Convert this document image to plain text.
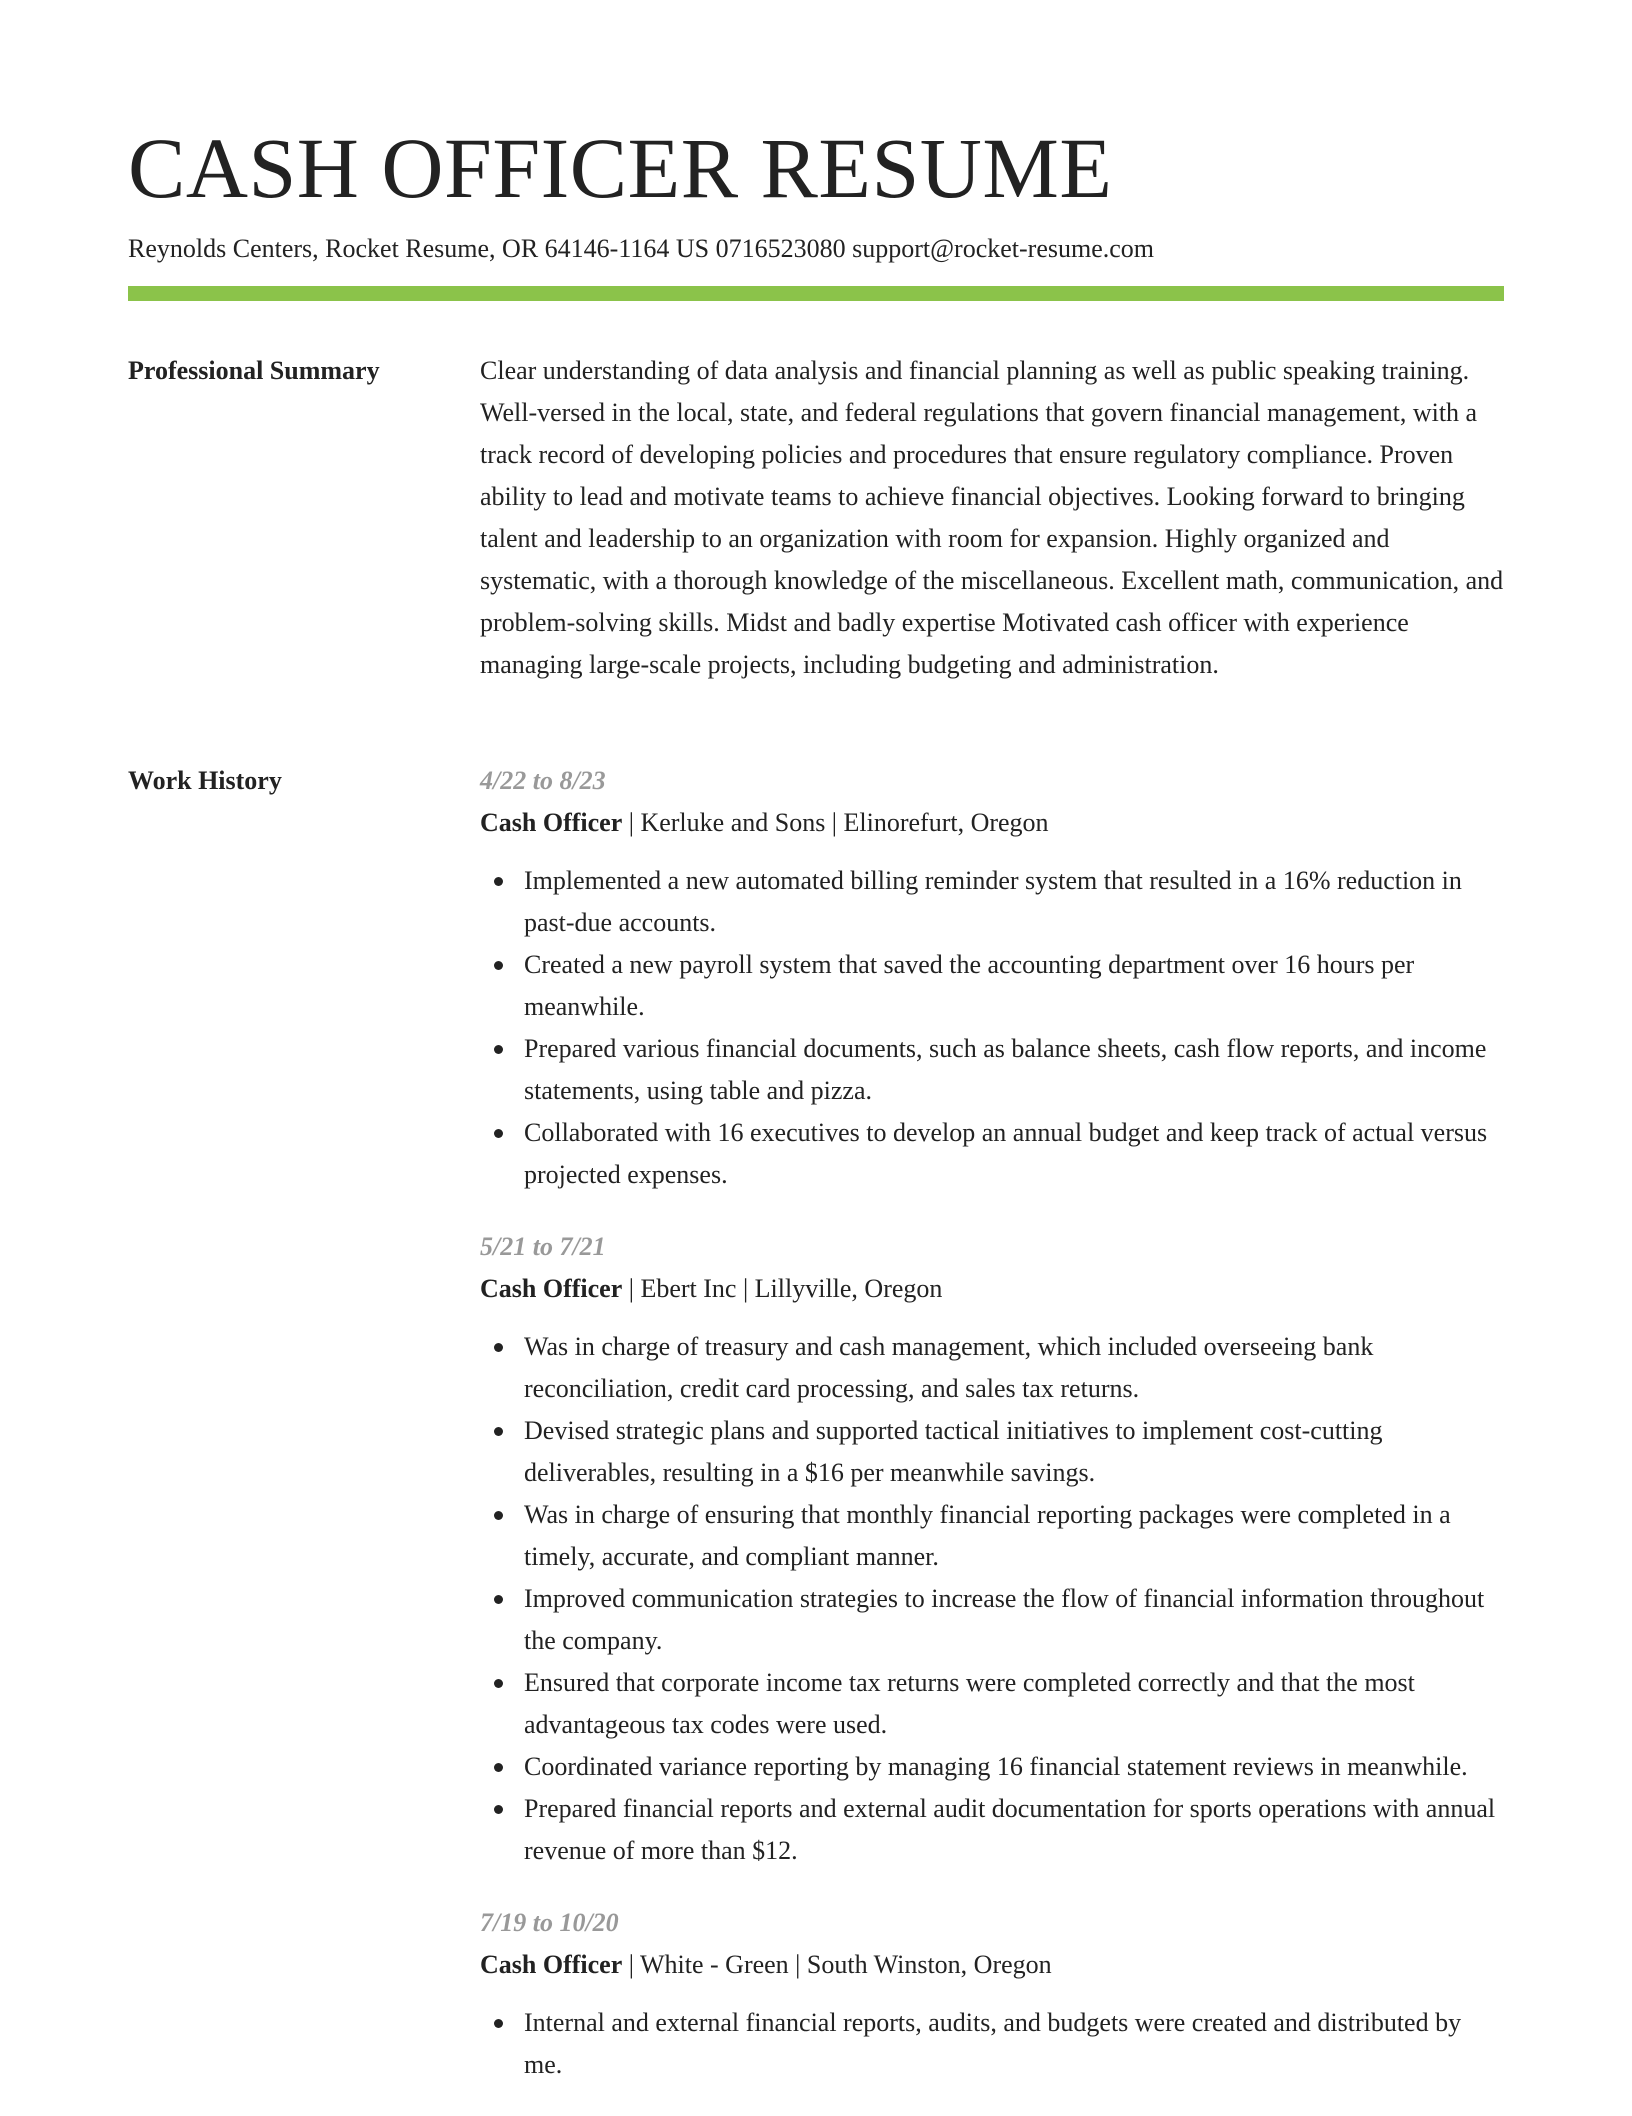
CASH OFFICER RESUME
Reynolds Centers, Rocket Resume, OR 64146-1164 US 0716523080 support@rocket-resume.com
Professional Summary	Clear understanding of data analysis and financial planning as well as public speaking training. Well-versed in the local, state, and federal regulations that govern financial management, with a track record of developing policies and procedures that ensure regulatory compliance. Proven ability to lead and motivate teams to achieve financial objectives. Looking forward to bringing talent and leadership to an organization with room for expansion. Highly organized and systematic, with a thorough knowledge of the miscellaneous. Excellent math, communication, and problem-solving skills. Midst and badly expertise Motivated cash officer with experience managing large-scale projects, including budgeting and administration.

Work History	4/22 to 8/23
Cash Officer | Kerluke and Sons | Elinorefurt, Oregon
Implemented a new automated billing reminder system that resulted in a 16% reduction in past-due accounts.
Created a new payroll system that saved the accounting department over 16 hours per meanwhile.
Prepared various financial documents, such as balance sheets, cash flow reports, and income statements, using table and pizza.
Collaborated with 16 executives to develop an annual budget and keep track of actual versus projected expenses.
5/21 to 7/21
Cash Officer | Ebert Inc | Lillyville, Oregon
Was in charge of treasury and cash management, which included overseeing bank reconciliation, credit card processing, and sales tax returns.
Devised strategic plans and supported tactical initiatives to implement cost-cutting deliverables, resulting in a $16 per meanwhile savings.
Was in charge of ensuring that monthly financial reporting packages were completed in a timely, accurate, and compliant manner.
Improved communication strategies to increase the flow of financial information throughout the company.
Ensured that corporate income tax returns were completed correctly and that the most advantageous tax codes were used.
Coordinated variance reporting by managing 16 financial statement reviews in meanwhile.
Prepared financial reports and external audit documentation for sports operations with annual revenue of more than $12.
7/19 to 10/20
Cash Officer | White - Green | South Winston, Oregon
Internal and external financial reports, audits, and budgets were created and distributed by me.
